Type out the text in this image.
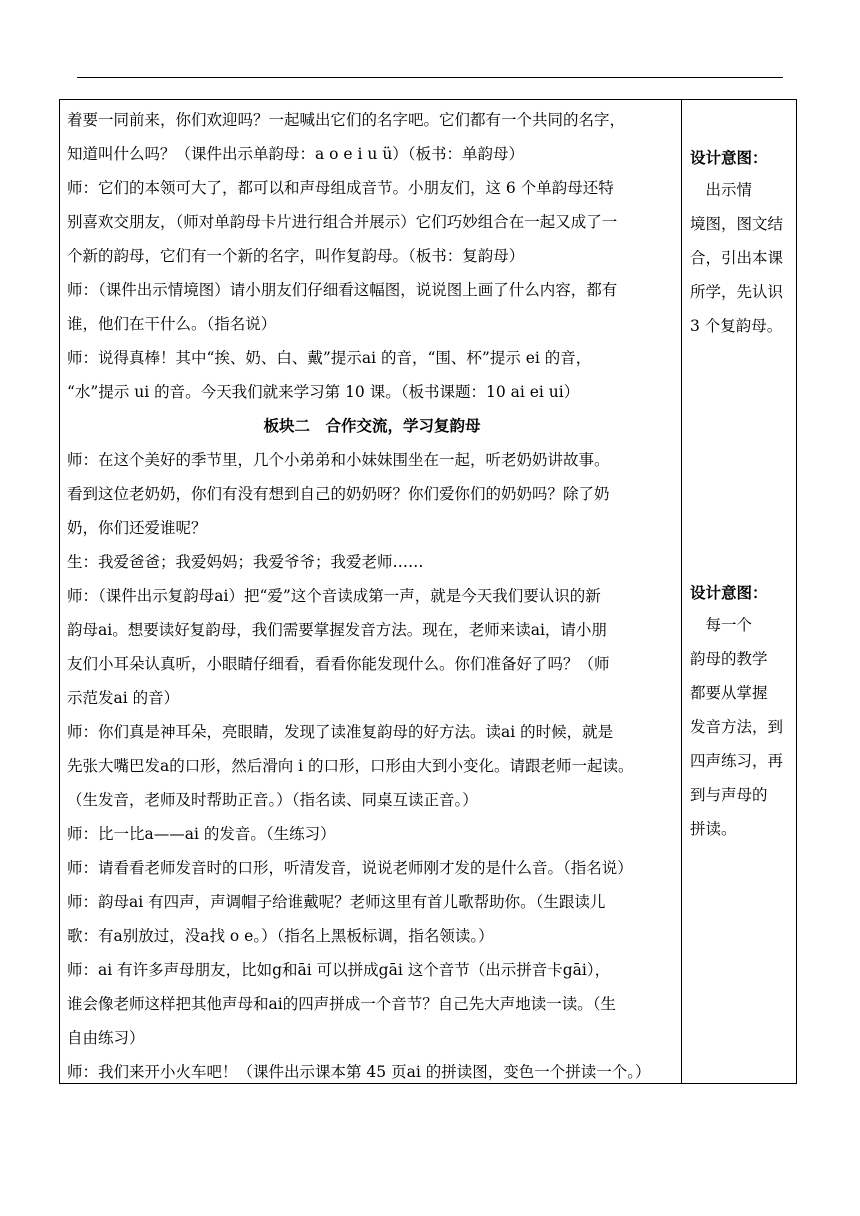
着要一同前来，你们欢迎吗？一起喊出它们的名字吧。它们都有一个共同的名字，
知道叫什么吗？（课件出示单韵母：a o e i u ü）（板书：单韵母）
师：它们的本领可大了，都可以和声母组成音节。小朋友们，这 6 个单韵母还特
别喜欢交朋友，（师对单韵母卡片进行组合并展示）它们巧妙组合在一起又成了一
个新的韵母，它们有一个新的名字，叫作复韵母。（板书：复韵母）
师：（课件出示情境图）请小朋友们仔细看这幅图，说说图上画了什么内容，都有
谁，他们在干什么。（指名说）
师：说得真棒！其中“挨、奶、白、戴”提示ai 的音，“围、杯”提示 ei 的音，
“水”提示 ui 的音。今天我们就来学习第 10 课。（板书课题：10 ai ei ui）
板块二　合作交流，学习复韵母
师：在这个美好的季节里，几个小弟弟和小妹妹围坐在一起，听老奶奶讲故事。
看到这位老奶奶，你们有没有想到自己的奶奶呀？你们爱你们的奶奶吗？除了奶
奶，你们还爱谁呢？
生：我爱爸爸；我爱妈妈；我爱爷爷；我爱老师……
师：（课件出示复韵母ai）把“爱”这个音读成第一声，就是今天我们要认识的新
韵母ai。想要读好复韵母，我们需要掌握发音方法。现在，老师来读ai，请小朋
友们小耳朵认真听，小眼睛仔细看，看看你能发现什么。你们准备好了吗？（师
示范发ai 的音）
师：你们真是神耳朵，亮眼睛，发现了读准复韵母的好方法。读ai 的时候，就是
先张大嘴巴发a的口形，然后滑向 i 的口形，口形由大到小变化。请跟老师一起读。
（生发音，老师及时帮助正音。）（指名读、同桌互读正音。）
师：比一比a——ai 的发音。（生练习）
师：请看看老师发音时的口形，听清发音，说说老师刚才发的是什么音。（指名说）
师：韵母ai 有四声，声调帽子给谁戴呢？老师这里有首儿歌帮助你。（生跟读儿
歌：有a别放过，没a找 o e。）（指名上黑板标调，指名领读。）
师：ai 有许多声母朋友，比如g和āi 可以拼成gāi 这个音节（出示拼音卡gāi），
谁会像老师这样把其他声母和ai的四声拼成一个音节？自己先大声地读一读。（生
自由练习）
师：我们来开小火车吧！（课件出示课本第 45 页ai 的拼读图，变色一个拼读一个。）
设计意图：
　出示情
境图，图文结
合，引出本课
所学，先认识
3 个复韵母。
设计意图：
　每一个
韵母的教学
都要从掌握
发音方法，到
四声练习，再
到与声母的
拼读。
